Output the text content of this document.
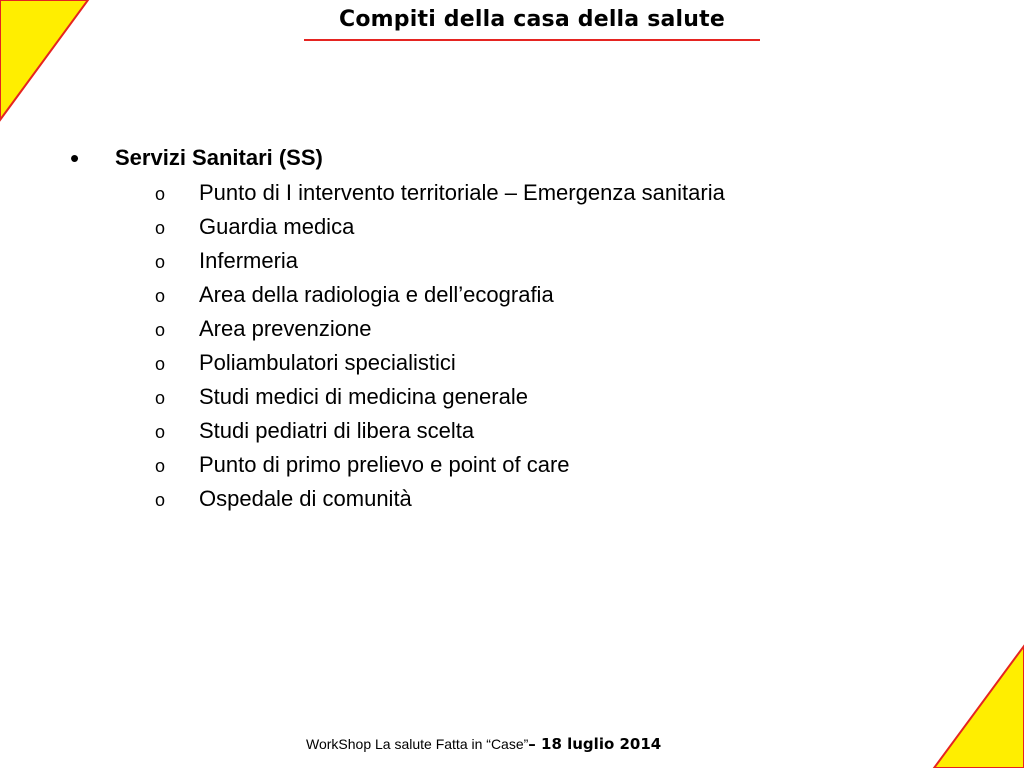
Compiti della casa della salute
• Servizi Sanitari (SS)
o Punto di I intervento territoriale – Emergenza sanitaria
o Guardia medica
o Infermeria
o Area della radiologia e dell’ecografia
o Area prevenzione
o Poliambulatori specialistici
o Studi medici di medicina generale
o Studi pediatri di libera scelta
o Punto di primo prelievo e point of care
o Ospedale di comunità
WorkShop La salute Fatta in “Case”– 18 luglio 2014
